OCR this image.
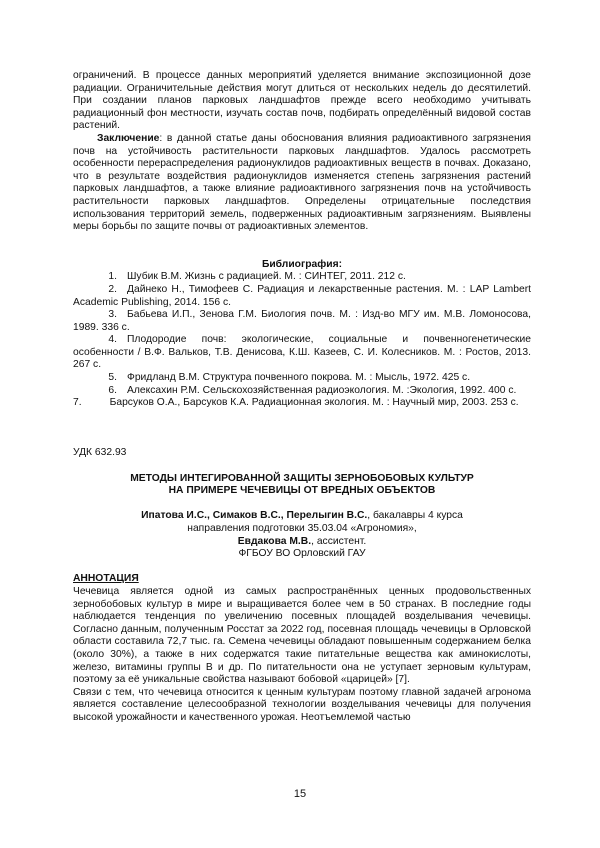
ограничений. В процессе данных мероприятий уделяется внимание экспозиционной дозе радиации. Ограничительные действия могут длиться от нескольких недель до десятилетий. При создании планов парковых ландшафтов прежде всего необходимо учитывать радиационный фон местности, изучать состав почв, подбирать определённый видовой состав растений.

Заключение: в данной статье даны обоснования влияния радиоактивного загрязнения почв на устойчивость растительности парковых ландшафтов. Удалось рассмотреть особенности перераспределения радионуклидов радиоактивных веществ в почвах. Доказано, что в результате воздействия радионуклидов изменяется степень загрязнения растений парковых ландшафтов, а также влияние радиоактивного загрязнения почв на устойчивость растительности парковых ландшафтов. Определены отрицательные последствия использования территорий земель, подверженных радиоактивным загрязнениям. Выявлены меры борьбы по защите почвы от радиоактивных элементов.

Библиография:

1. Шубик В.М. Жизнь с радиацией. М. : СИНТЕГ, 2011. 212 с.

2. Дайнеко Н., Тимофеев С. Радиация и лекарственные растения. М. : LAP Lambert Academic Publishing, 2014. 156 с.

3. Бабьева И.П., Зенова Г.М. Биология почв. М. : Изд-во МГУ им. М.В. Ломоносова, 1989. 336 с.

4. Плодородие почв: экологические, социальные и почвенногенетические особенности / В.Ф. Вальков, Т.В. Денисова, К.Ш. Казеев, С. И. Колесников. М. : Ростов, 2013. 267 с.

5. Фридланд В.М. Структура почвенного покрова. М. : Мысль, 1972. 425 с.

6. Алексахин Р.М. Сельскохозяйственная радиоэкология. М. :Экология, 1992. 400 с.

7.	Барсуков О.А., Барсуков К.А. Радиационная экология. М. : Научный мир, 2003. 253 с.

УДК 632.93

МЕТОДЫ ИНТЕГИРОВАННОЙ ЗАЩИТЫ ЗЕРНОБОБОВЫХ КУЛЬТУР

НА ПРИМЕРЕ ЧЕЧЕВИЦЫ ОТ ВРЕДНЫХ ОБЪЕКТОВ

Ипатова И.С., Симаков В.С., Перелыгин В.С., бакалавры 4 курса

направления подготовки 35.03.04 «Агрономия»,

Евдакова М.В., ассистент.

ФГБОУ ВО Орловский ГАУ

АННОТАЦИЯ

Чечевица является одной из самых распространённых ценных продовольственных зернобобовых культур в мире и выращивается более чем в 50 странах. В последние годы наблюдается тенденция по увеличению посевных площадей возделывания чечевицы. Согласно данным, полученным Росстат за 2022 год, посевная площадь чечевицы в Орловской области составила 72,7 тыс. га. Семена чечевицы обладают повышенным содержанием белка (около 30%), а также в них содержатся такие питательные вещества как аминокислоты, железо, витамины группы В и др. По питательности она не уступает зерновым культурам, поэтому за её уникальные свойства называют бобовой «царицей» [7].

Связи с тем, что чечевица относится к ценным культурам поэтому главной задачей агронома является составление целесообразной технологии возделывания чечевицы для получения высокой урожайности и качественного урожая. Неотъемлемой частью

15
